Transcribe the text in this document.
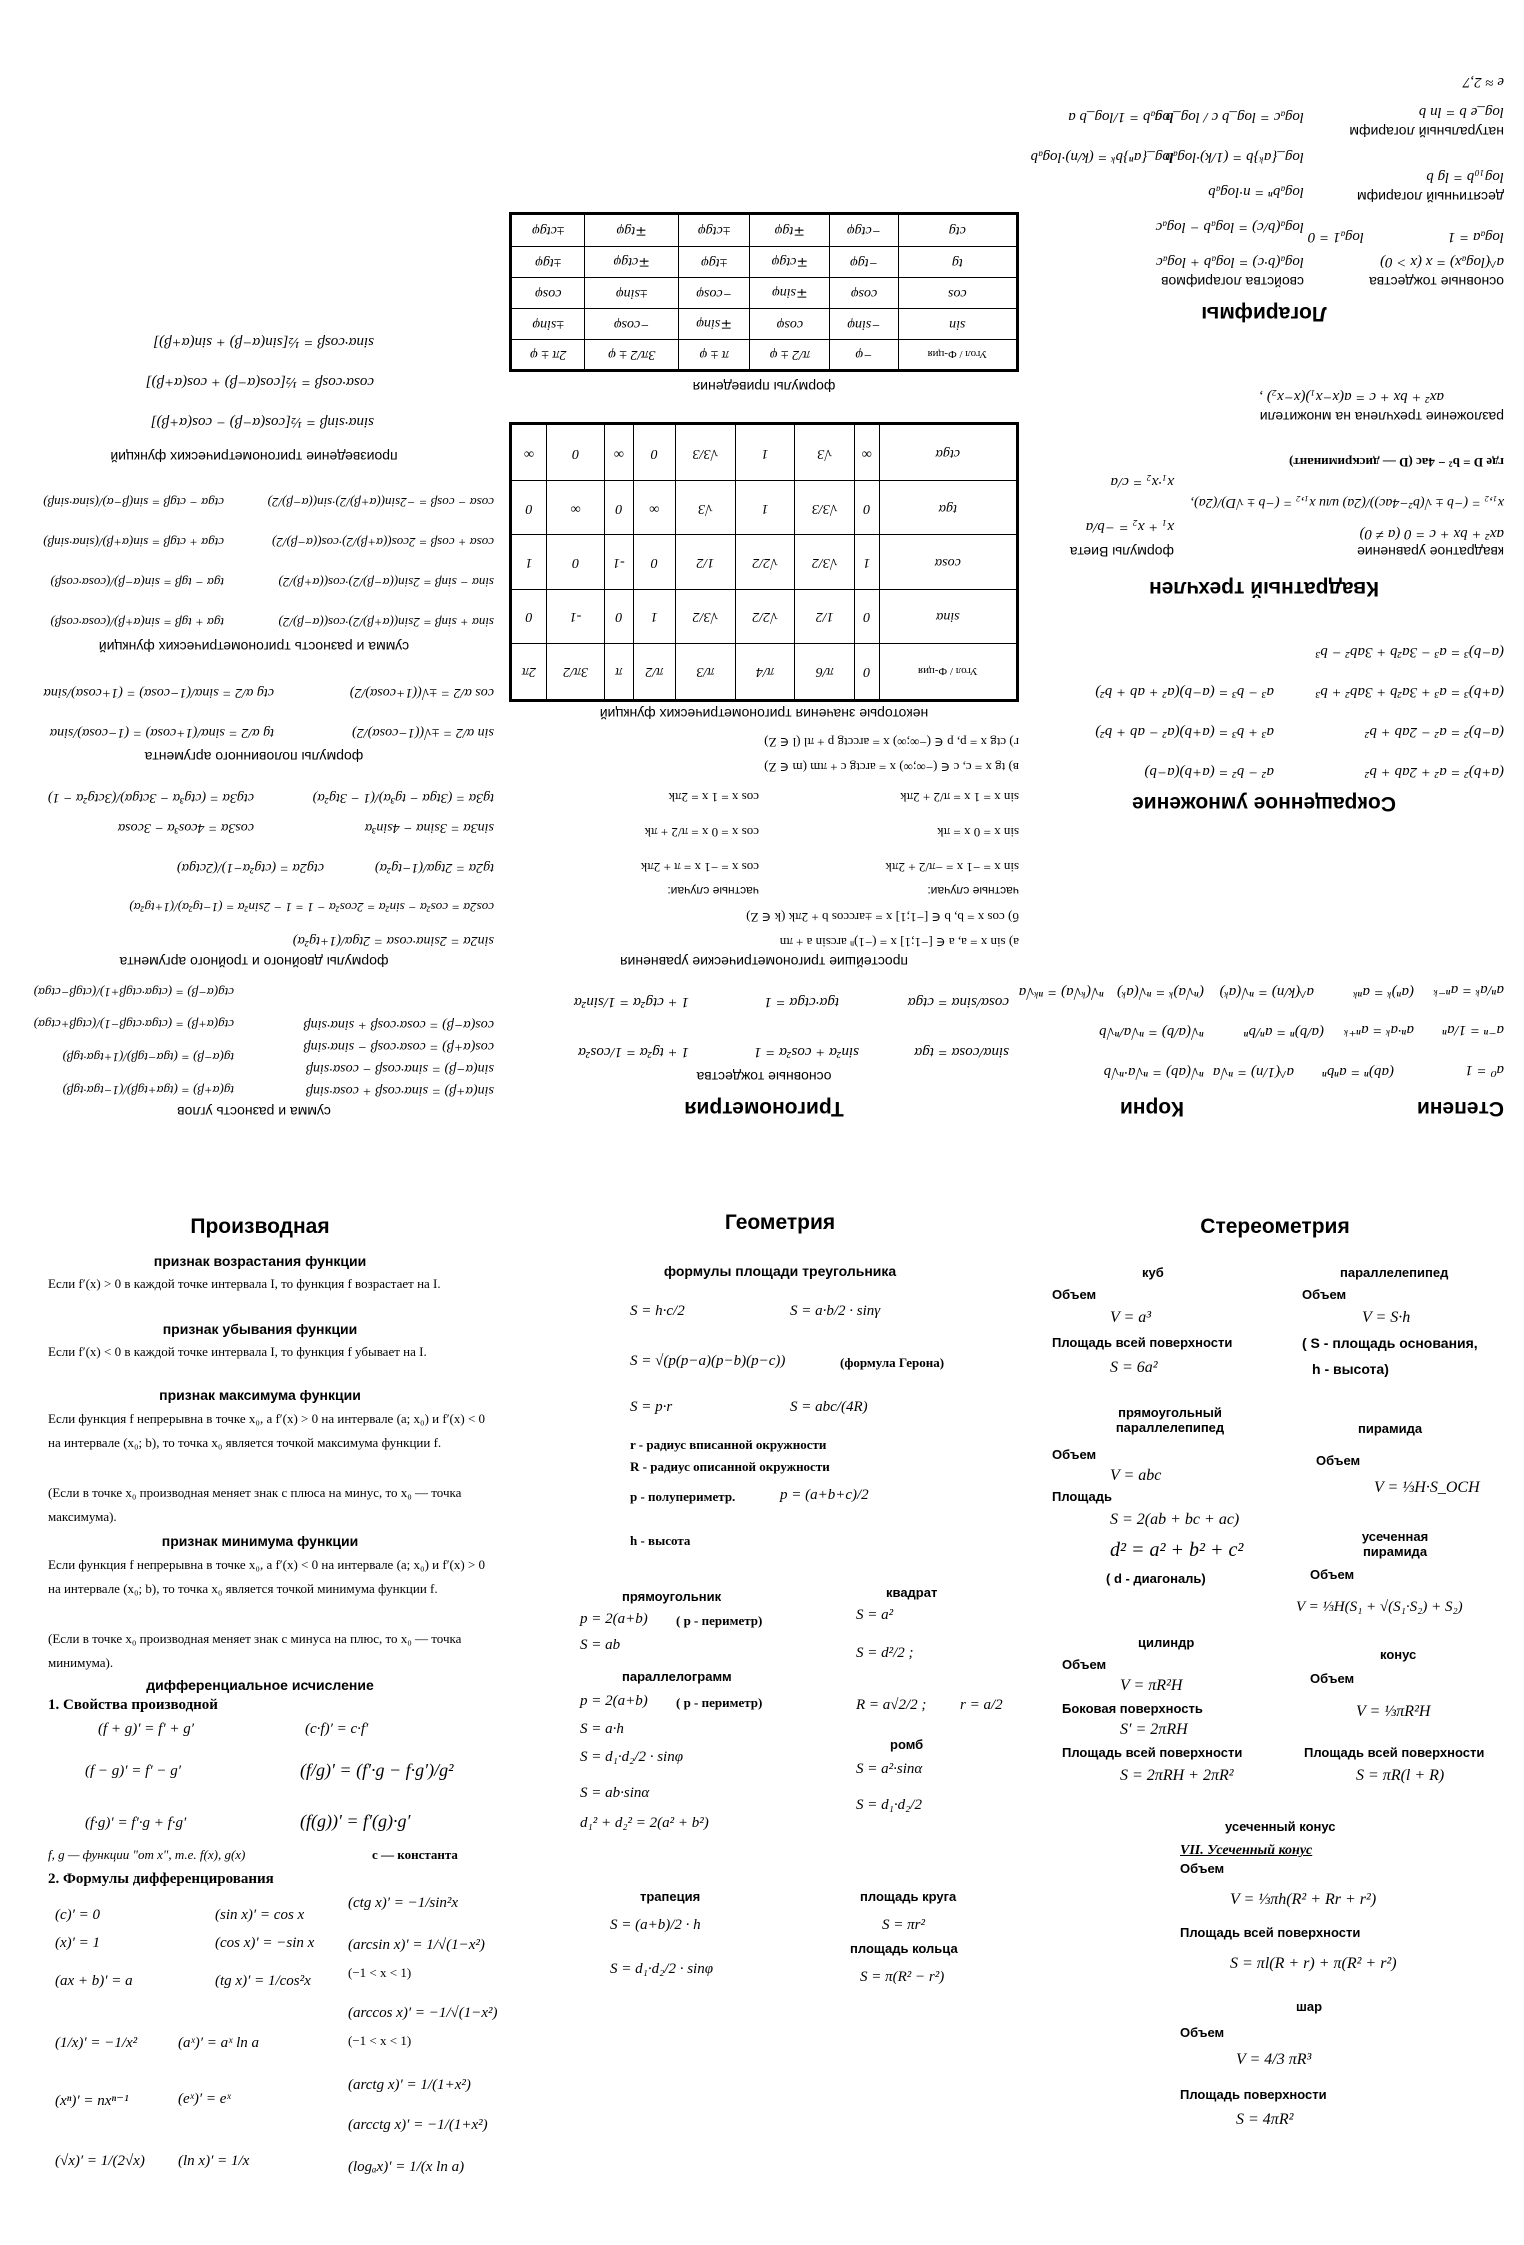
Степени
Корни
a⁰ = 1
a⁻ⁿ = 1/aⁿ
aⁿ·aᵏ = aⁿ⁺ᵏ
aⁿ/aᵏ = aⁿ⁻ᵏ
(aⁿ)ᵏ = aⁿᵏ
(ab)ⁿ = aⁿbⁿ
(a/b)ⁿ = aⁿ/bⁿ
a^(1/n) = ⁿ√a
a^(k/n) = ⁿ√(aᵏ)
ⁿ√(ab) = ⁿ√a·ⁿ√b
ⁿ√(a/b) = ⁿ√a/ⁿ√b
(ⁿ√a)ᵏ = ⁿ√(aᵏ)
ⁿ√(ᵏ√a) = ⁿᵏ√a
Сокращенное умножение
(a+b)² = a² + 2ab + b²
a² − b² = (a+b)(a−b)
(a−b)² = a² − 2ab + b²
a³ + b³ = (a+b)(a² − ab + b²)
(a+b)³ = a³ + 3a²b + 3ab² + b³
a³ − b³ = (a−b)(a² + ab + b²)
(a−b)³ = a³ − 3a²b + 3ab² − b³
Квадратный трехчлен
квадратное уравнение
ax² + bx + c = 0 (a ≠ 0)
x₁,₂ = (−b ± √(b²−4ac))/(2a) или x₁,₂ = (−b ± √D)/(2a),
где D = b² − 4ac (D — дискриминант)
формулы Виета
x₁ + x₂ = −b/a
x₁·x₂ = c/a
разложение трехчлена на множители
ax² + bx + c = a(x−x₁)(x−x₂) ,
Логарифмы
основные тождества
a^(logₐx) = x (x > 0)
logₐa = 1
logₐ1 = 0
свойства логарифмов
logₐ(b·c) = logₐb + logₐc
logₐ(b/c) = logₐb − logₐc
logₐbⁿ = n·logₐb
log_{aᵏ}b = (1/k)·logₐb
log_{aⁿ}bᵏ = (k/n)·logₐb
logₐc = log_b c / log_b a
logₐb = 1/log_b a
десятичный логарифм
log₁₀b = lg b
натуральный логарифм
log_e b = ln b
e ≈ 2,7
Тригонометрия
основные тождества
sinα/cosα = tgα
cosα/sinα = ctgα
tgα·ctgα = 1
sin²α + cos²α = 1
1 + tg²α = 1/cos²α
1 + ctg²α = 1/sin²α
простейшие тригонометрические уравнения
а) sin x = a, a ∈ [−1;1] x = (−1)ⁿ arcsin a + πn
б) cos x = b, b ∈ [−1;1] x = ±arccos b + 2πk (k ∈ Z)
частные случаи:
частные случаи:
sin x = −1 x = −π/2 + 2πk
cos x = −1 x = π + 2πk
sin x = 0 x = πk
cos x = 0 x = π/2 + πk
sin x = 1 x = π/2 + 2πk
cos x = 1 x = 2πk
в) tg x = c, c ∈ (−∞;∞) x = arctg c + πm (m ∈ Z)
г) ctg x = p, p ∈ (−∞;∞) x = arcctg p + πl (l ∈ Z)
некоторые значения тригонометрических функций
Угол / Ф-ция	0	π/6	π/4	π/3	π/2	π	3π/2	2π
sinα	0	1/2	√2/2	√3/2	1	0	-1	0
cosα	1	√3/2	√2/2	1/2	0	-1	0	1
tgα	0	√3/3	1	√3	∞	0	∞	0
ctgα	∞	√3	1	√3/3	0	∞	0	∞
формулы приведения
Угол / Ф-ция	−φ	π/2 ± φ	π ± φ	3π/2 ± φ	2π ± φ
sin	−sinφ	cosφ	∓sinφ	−cosφ	±sinφ
cos	cosφ	∓sinφ	−cosφ	±sinφ	cosφ
tg	−tgφ	∓ctgφ	±tgφ	∓ctgφ	±tgφ
ctg	−ctgφ	∓tgφ	±ctgφ	∓tgφ	±ctgφ
сумма и разность углов
sin(α+β) = sinα·cosβ + cosα·sinβ
sin(α−β) = sinα·cosβ − cosα·sinβ
cos(α+β) = cosα·cosβ − sinα·sinβ
cos(α−β) = cosα·cosβ + sinα·sinβ
tg(α+β) = (tgα+tgβ)/(1−tgα·tgβ)
tg(α−β) = (tgα−tgβ)/(1+tgα·tgβ)
ctg(α+β) = (ctgα·ctgβ−1)/(ctgβ+ctgα)
ctg(α−β) = (ctgα·ctgβ+1)/(ctgβ−ctgα)
формулы двойного и тройного аргумента
sin2α = 2sinα·cosα = 2tgα/(1+tg²α)
cos2α = cos²α − sin²α = 2cos²α − 1 = 1 − 2sin²α = (1−tg²α)/(1+tg²α)
tg2α = 2tgα/(1−tg²α)
ctg2α = (ctg²α−1)/(2ctgα)
sin3α = 3sinα − 4sin³α
cos3α = 4cos³α − 3cosα
tg3α = (3tgα − tg³α)/(1 − 3tg²α)
ctg3α = (ctg³α − 3ctgα)/(3ctg²α − 1)
формулы половинного аргумента
sin α/2 = ±√((1−cosα)/2)
cos α/2 = ±√((1+cosα)/2)
tg α/2 = sinα/(1+cosα) = (1−cosα)/sinα
ctg α/2 = sinα/(1−cosα) = (1+cosα)/sinα
сумма и разность тригонометрических функций
sinα + sinβ = 2sin((α+β)/2)·cos((α−β)/2)
sinα − sinβ = 2sin((α−β)/2)·cos((α+β)/2)
cosα + cosβ = 2cos((α+β)/2)·cos((α−β)/2)
cosα − cosβ = −2sin((α+β)/2)·sin((α−β)/2)
tgα + tgβ = sin(α+β)/(cosα·cosβ)
tgα − tgβ = sin(α−β)/(cosα·cosβ)
ctgα + ctgβ = sin(α+β)/(sinα·sinβ)
ctgα − ctgβ = sin(β−α)/(sinα·sinβ)
произведение тригонометрических функций
sinα·sinβ = ½[cos(α−β) − cos(α+β)]
cosα·cosβ = ½[cos(α−β) + cos(α+β)]
sinα·cosβ = ½[sin(α−β) + sin(α+β)]
Производная
признак возрастания функции
Если f′(x) > 0 в каждой точке интервала I, то функция f возрастает на I.
признак убывания функции
Если f′(x) < 0 в каждой точке интервала I, то функция f убывает на I.
признак максимума функции
Если функция f непрерывна в точке x₀, а f′(x) > 0 на интервале (a; x₀) и f′(x) < 0 на интервале (x₀; b), то точка x₀ является точкой максимума функции f.
(Если в точке x₀ производная меняет знак с плюса на минус, то x₀ — точка максимума).
признак минимума функции
Если функция f непрерывна в точке x₀, а f′(x) < 0 на интервале (a; x₀) и f′(x) > 0 на интервале (x₀; b), то точка x₀ является точкой минимума функции f.
(Если в точке x₀ производная меняет знак с минуса на плюс, то x₀ — точка минимума).
дифференциальное исчисление
1. Свойства производной
(f + g)′ = f′ + g′	(c·f)′ = c·f′
(f − g)′ = f′ − g′	(f/g)′ = (f′·g − f·g′)/g²
(f·g)′ = f′·g + f·g′	(f(g))′ = f′(g)·g′
f, g — функции "от x", т.е. f(x), g(x)	c — константа
2. Формулы дифференцирования
(c)′ = 0
(x)′ = 1
(ax + b)′ = a
(1/x)′ = −1/x²
(xⁿ)′ = nxⁿ⁻¹
(√x)′ = 1/(2√x)
(sin x)′ = cos x
(cos x)′ = −sin x
(tg x)′ = 1/cos²x
(aˣ)′ = aˣ ln a
(eˣ)′ = eˣ
(ln x)′ = 1/x
(ctg x)′ = −1/sin²x
(arcsin x)′ = 1/√(1−x²)
(−1 < x < 1)
(arccos x)′ = −1/√(1−x²)
(−1 < x < 1)
(arctg x)′ = 1/(1+x²)
(arcctg x)′ = −1/(1+x²)
(logₐx)′ = 1/(x ln a)
Геометрия
формулы площади треугольника
S = h·c/2	S = a·b/2 · sinγ
S = √(p(p−a)(p−b)(p−c))	(формула Герона)
S = p·r	S = abc/(4R)
r - радиус вписанной окружности
R - радиус описанной окружности
p - полупериметр.	p = (a+b+c)/2
h - высота
прямоугольник
p = 2(a+b) ( p - периметр)
S = ab
параллелограмм
p = 2(a+b) ( p - периметр)
S = a·h
S = d₁·d₂/2 · sinφ
S = ab·sinα
d₁² + d₂² = 2(a² + b²)
квадрат
S = a²
S = d²/2 ;
R = a√2/2 ; r = a/2
ромб
S = a²·sinα
S = d₁·d₂/2
трапеция
S = (a+b)/2 · h
S = d₁·d₂/2 · sinφ
площадь круга
S = πr²
площадь кольца
S = π(R² − r²)
Стереометрия
куб
Объем
V = a³
Площадь всей поверхности
S = 6a²
параллелепипед
Объем
V = S·h
( S - площадь основания,
h - высота)
прямоугольный параллелепипед
Объем
V = abc
Площадь
S = 2(ab + bc + ac)
d² = a² + b² + c²
( d - диагональ)
пирамида
Объем
V = ⅓H·S_OCH
усеченная пирамида
Объем
V = ⅓H(S₁ + √(S₁·S₂) + S₂)
цилиндр
Объем
V = πR²H
Боковая поверхность
S′ = 2πRH
Площадь всей поверхности
S = 2πRH + 2πR²
конус
Объем
V = ⅓πR²H
Площадь всей поверхности
S = πR(l + R)
усеченный конус
VII. Усеченный конус
Объем
V = ⅓πh(R² + Rr + r²)
Площадь всей поверхности
S = πl(R + r) + π(R² + r²)
шар
Объем
V = 4/3 πR³
Площадь поверхности
S = 4πR²
